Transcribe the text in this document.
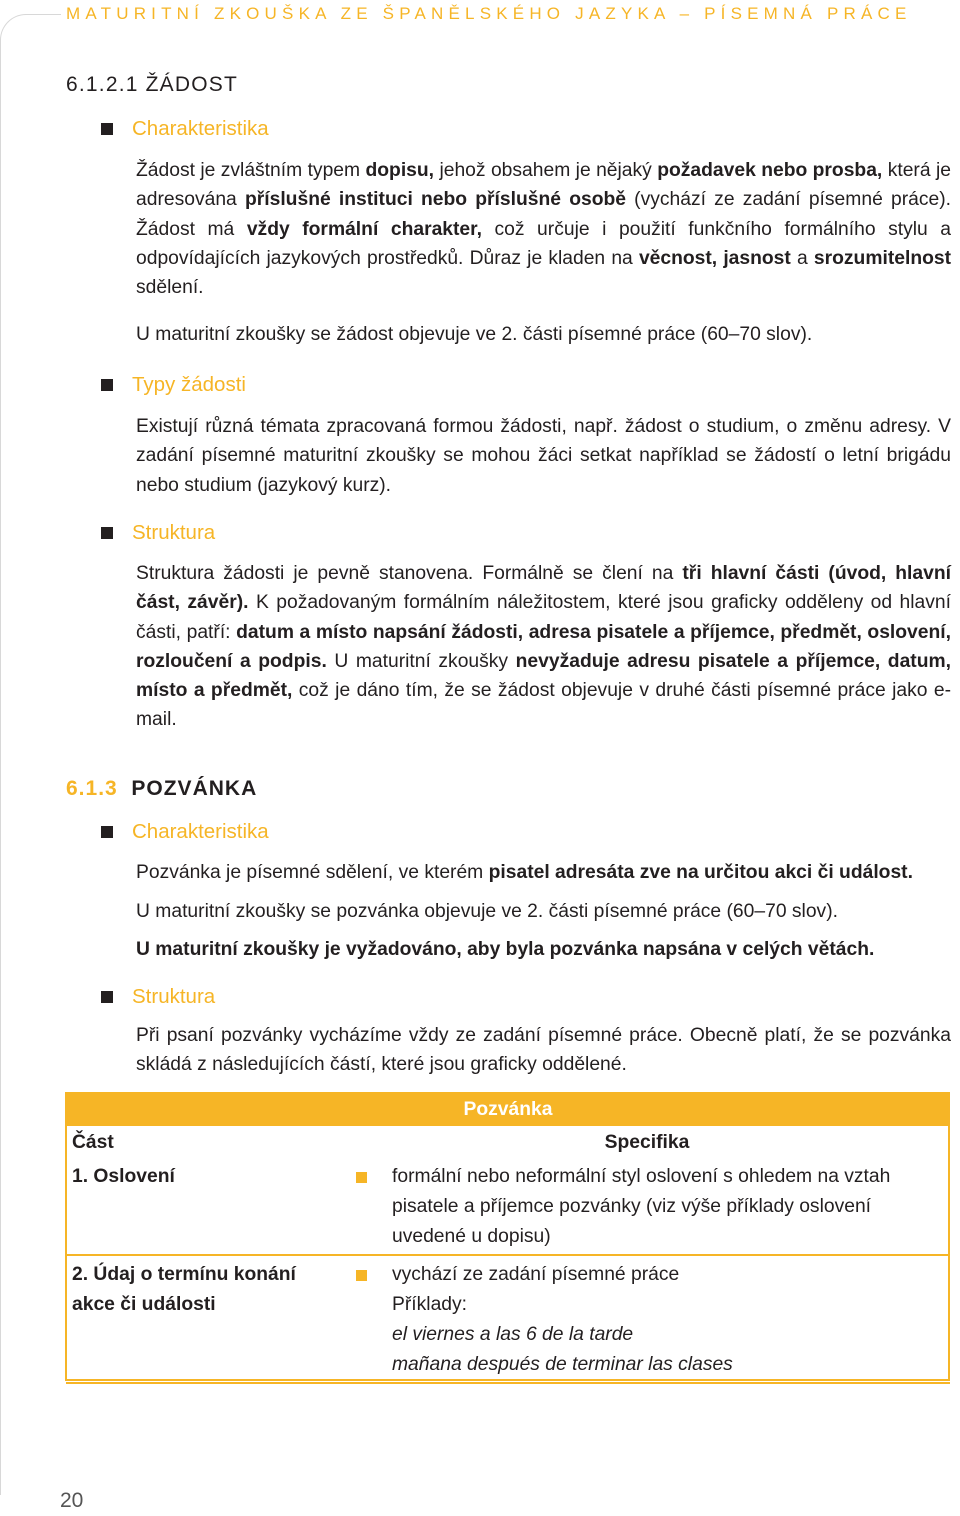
MATURITNÍ ZKOUŠKA ZE ŠPANĚLSKÉHO JAZYKA – PÍSEMNÁ PRÁCE
6.1.2.1 ŽÁDOST
Charakteristika
Žádost je zvláštním typem dopisu, jehož obsahem je nějaký požadavek nebo prosba, která je adresována příslušné instituci nebo příslušné osobě (vychází ze zadání písemné práce). Žádost má vždy formální charakter, což určuje i použití funkčního formálního stylu a odpovídajících jazykových prostředků. Důraz je kladen na věcnost, jasnost a srozumitelnost sdělení.
U maturitní zkoušky se žádost objevuje ve 2. části písemné práce (60–70 slov).
Typy žádosti
Existují různá témata zpracovaná formou žádosti, např. žádost o studium, o změnu adresy. V zadání písemné maturitní zkoušky se mohou žáci setkat například se žádostí o letní brigádu nebo studium (jazykový kurz).
Struktura
Struktura žádosti je pevně stanovena. Formálně se člení na tři hlavní části (úvod, hlavní část, závěr). K požadovaným formálním náležitostem, které jsou graficky odděleny od hlavní části, patří: datum a místo napsání žádosti, adresa pisatele a příjemce, předmět, oslovení, rozloučení a podpis. U maturitní zkoušky nevyžaduje adresu pisatele a příjemce, datum, místo a předmět, což je dáno tím, že se žádost objevuje v druhé části písemné práce jako e-mail.
6.1.3 POZVÁNKA
Charakteristika
Pozvánka je písemné sdělení, ve kterém pisatel adresáta zve na určitou akci či událost.
U maturitní zkoušky se pozvánka objevuje ve 2. části písemné práce (60–70 slov).
U maturitní zkoušky je vyžadováno, aby byla pozvánka napsána v celých větách.
Struktura
Při psaní pozvánky vycházíme vždy ze zadání písemné práce. Obecně platí, že se pozvánka skládá z následujících částí, které jsou graficky oddělené.
Pozvánka	
Část	Specifika
1. Oslovení	formální nebo neformální styl oslovení s ohledem na vztah pisatele a příjemce pozvánky (viz výše příklady oslovení uvedené u dopisu)

2. Údaj o termínu konání akce či události	vychází ze zadání písemné práce
Příklady:
el viernes a las 6 de la tarde
mañana después de terminar las clases
20
